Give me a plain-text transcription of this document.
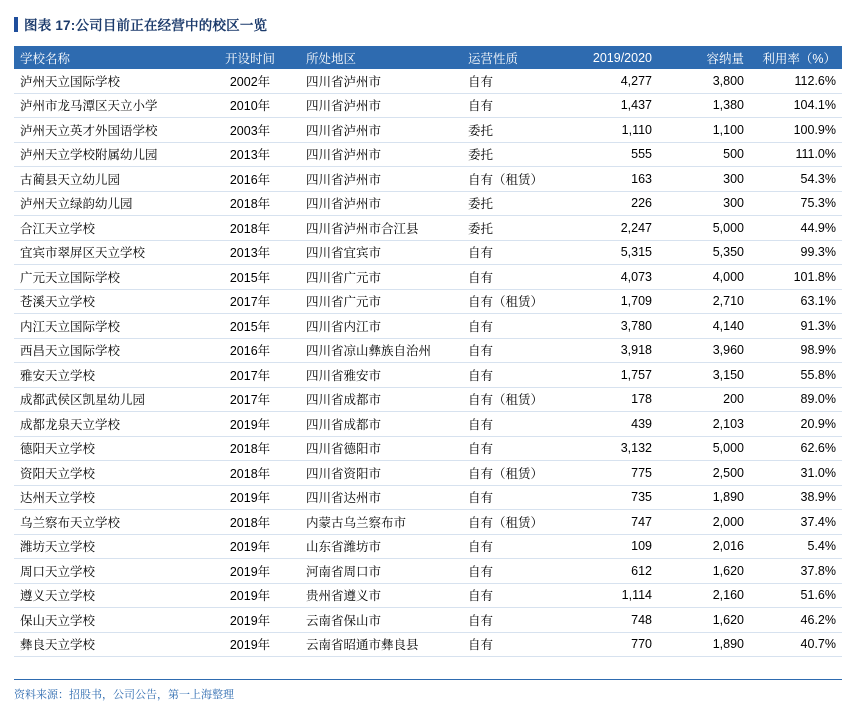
图表 17:公司目前正在经营中的校区一览
学校名称	开设时间	所处地区	运营性质	2019/2020	容纳量	利用率（%）
泸州天立国际学校	2002年	四川省泸州市	自有	4,277	3,800	112.6%
泸州市龙马潭区天立小学	2010年	四川省泸州市	自有	1,437	1,380	104.1%
泸州天立英才外国语学校	2003年	四川省泸州市	委托	1,110	1,100	100.9%
泸州天立学校附属幼儿园	2013年	四川省泸州市	委托	555	500	111.0%
古蔺县天立幼儿园	2016年	四川省泸州市	自有（租赁）	163	300	54.3%
泸州天立绿韵幼儿园	2018年	四川省泸州市	委托	226	300	75.3%
合江天立学校	2018年	四川省泸州市合江县	委托	2,247	5,000	44.9%
宜宾市翠屏区天立学校	2013年	四川省宜宾市	自有	5,315	5,350	99.3%
广元天立国际学校	2015年	四川省广元市	自有	4,073	4,000	101.8%
苍溪天立学校	2017年	四川省广元市	自有（租赁）	1,709	2,710	63.1%
内江天立国际学校	2015年	四川省内江市	自有	3,780	4,140	91.3%
西昌天立国际学校	2016年	四川省凉山彝族自治州	自有	3,918	3,960	98.9%
雅安天立学校	2017年	四川省雅安市	自有	1,757	3,150	55.8%
成都武侯区凯星幼儿园	2017年	四川省成都市	自有（租赁）	178	200	89.0%
成都龙泉天立学校	2019年	四川省成都市	自有	439	2,103	20.9%
德阳天立学校	2018年	四川省德阳市	自有	3,132	5,000	62.6%
资阳天立学校	2018年	四川省资阳市	自有（租赁）	775	2,500	31.0%
达州天立学校	2019年	四川省达州市	自有	735	1,890	38.9%
乌兰察布天立学校	2018年	内蒙古乌兰察布市	自有（租赁）	747	2,000	37.4%
潍坊天立学校	2019年	山东省潍坊市	自有	109	2,016	5.4%
周口天立学校	2019年	河南省周口市	自有	612	1,620	37.8%
遵义天立学校	2019年	贵州省遵义市	自有	1,114	2,160	51.6%
保山天立学校	2019年	云南省保山市	自有	748	1,620	46.2%
彝良天立学校	2019年	云南省昭通市彝良县	自有	770	1,890	40.7%
资料来源：招股书，公司公告，第一上海整理
